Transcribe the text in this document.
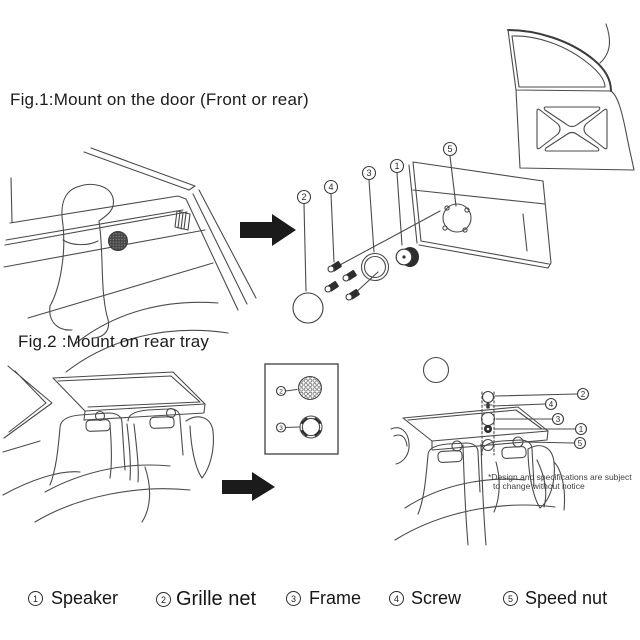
2
4
3
1
5
2
3
2
4
3
1
5
Fig.1:Mount on the door (Front or rear)
Fig.2 :Mount on rear tray
*Design and specifications are subject
to change without notice
1 Speaker	2 Grille net	3 Frame	4 Screw	5 Speed nut
